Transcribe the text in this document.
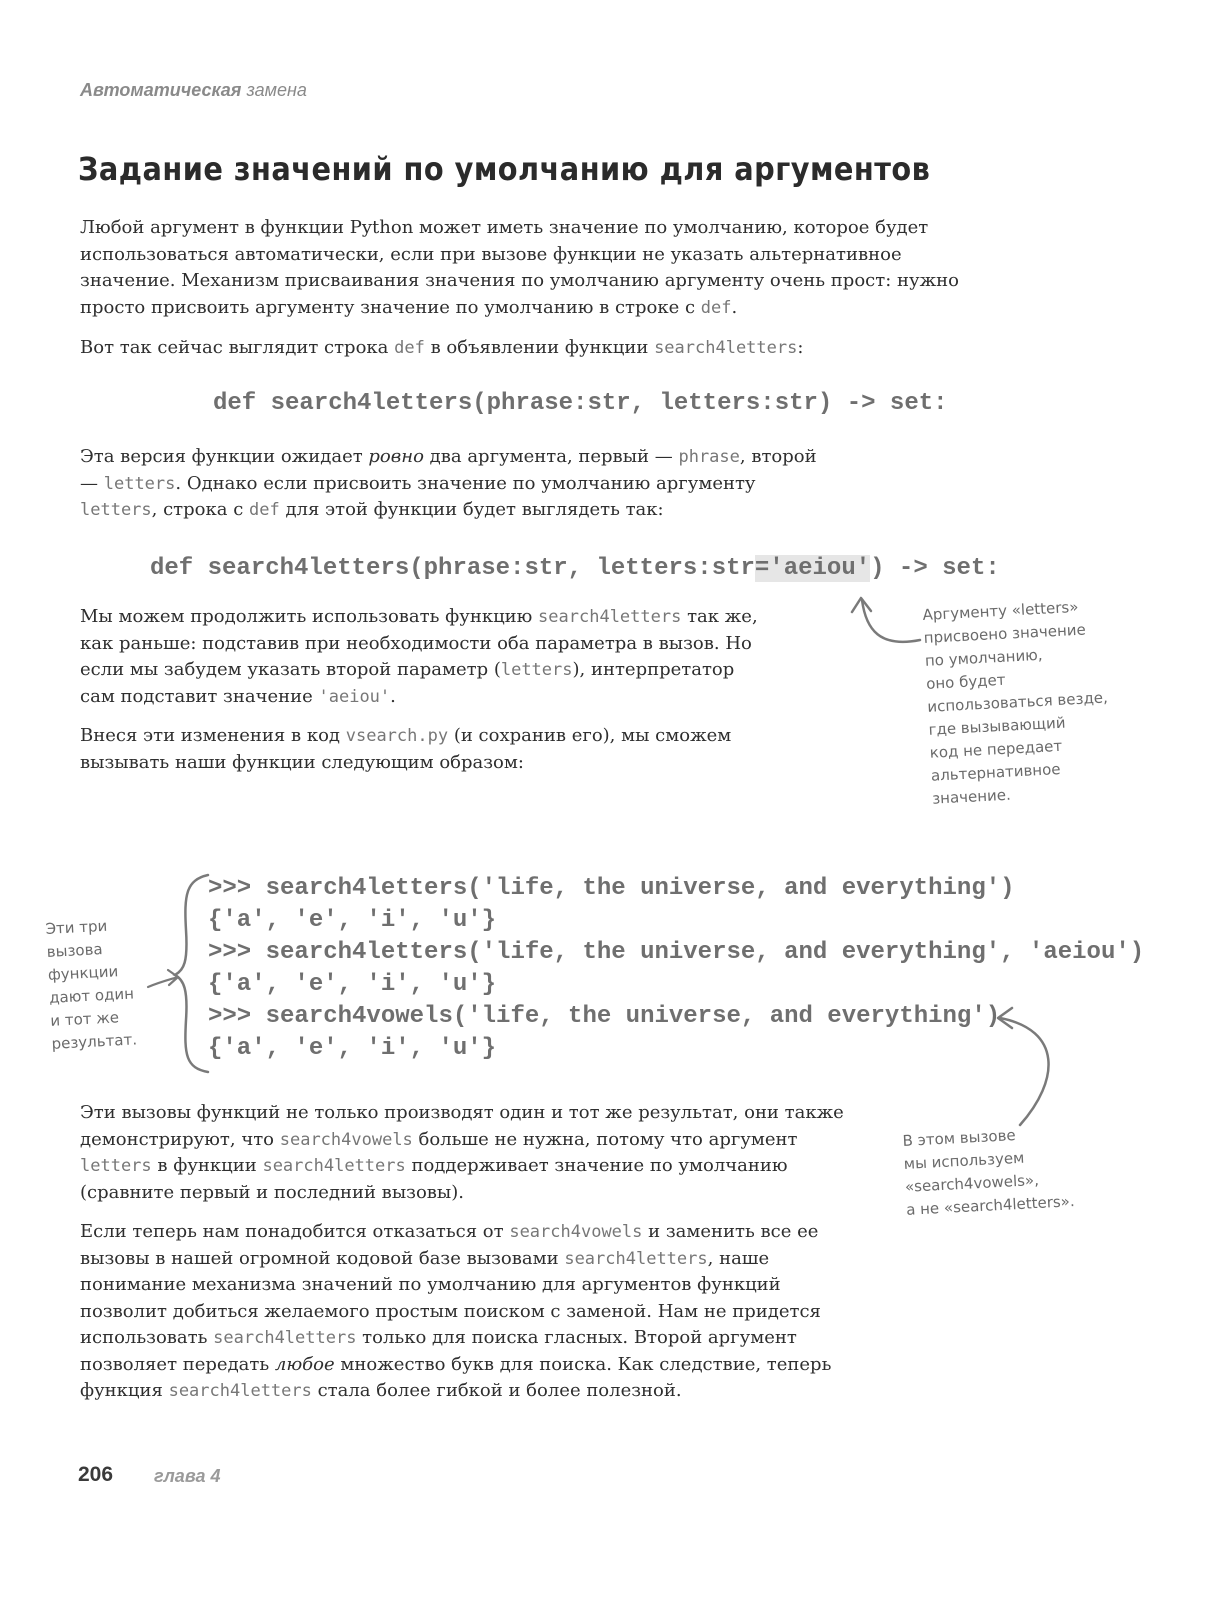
Автоматическая замена
Задание значений по умолчанию для аргументов

Любой аргумент в функции Python может иметь значение по умолчанию, которое будет использоваться автоматически, если при вызове функции не указать альтернативное значение. Механизм присваивания значения по умолчанию аргументу очень прост: нужно просто присвоить аргументу значение по умолчанию в строке с def.

Вот так сейчас выглядит строка def в объявлении функции search4letters:

def search4letters(phrase:str, letters:str) -> set:

Эта версия функции ожидает ровно два аргумента, первый — phrase, второй — letters. Однако если присвоить значение по умолчанию аргументу letters, строка с def для этой функции будет выглядеть так:

def search4letters(phrase:str, letters:str='aeiou') -> set:

Мы можем продолжить использовать функцию search4letters так же, как раньше: подставив при необходимости оба параметра в вызов. Но если мы забудем указать второй параметр (letters), интерпретатор сам подставит значение 'aeiou'.

Внеся эти изменения в код vsearch.py (и сохранив его), мы сможем вызывать наши функции следующим образом:

Аргументу «letters»
присвоено значение
по умолчанию,
оно будет
использоваться везде,
где вызывающий
код не передает
альтернативное
значение.
>>> search4letters('life, the universe, and everything')
{'a', 'e', 'i', 'u'}
>>> search4letters('life, the universe, and everything', 'aeiou')
{'a', 'e', 'i', 'u'}
>>> search4vowels('life, the universe, and everything')
{'a', 'e', 'i', 'u'}
Эти три
вызова
функции
дают один
и тот же
результат.
В этом вызове
мы используем
«search4vowels»,
а не «search4letters».

Эти вызовы функций не только производят один и тот же результат, они также демонстрируют, что search4vowels больше не нужна, потому что аргумент letters в функции search4letters поддерживает значение по умолчанию (сравните первый и последний вызовы).

Если теперь нам понадобится отказаться от search4vowels и заменить все ее вызовы в нашей огромной кодовой базе вызовами search4letters, наше понимание механизма значений по умолчанию для аргументов функций позволит добиться желаемого простым поиском с заменой. Нам не придется использовать search4letters только для поиска гласных. Второй аргумент позволяет передать любое множество букв для поиска. Как следствие, теперь функция search4letters стала более гибкой и более полезной.

206 глава 4
